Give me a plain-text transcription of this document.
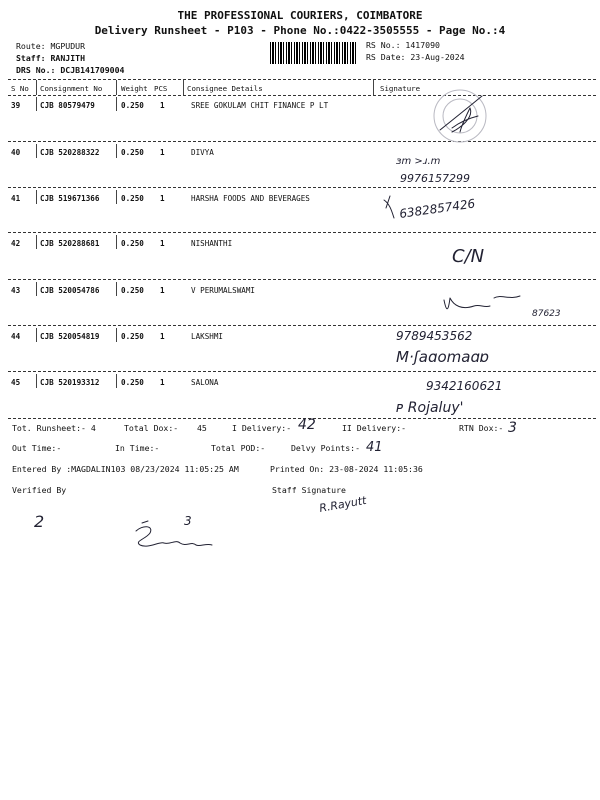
THE PROFESSIONAL COURIERS, COIMBATORE
Delivery Runsheet - P103 - Phone No.:0422-3505555 - Page No.:4
Route: MGPUDUR
Staff: RANJITH
DRS No.: DCJB141709004
RS No.: 1417090
RS Date: 23-Aug-2024
S No Consignment No	Weight PCS	Consignee Details	Signature
39	CJB 80579479	0.250 1	SREE GOKULAM CHIT FINANCE P LT
40	CJB 520288322	0.250 1	DIVYA
41	CJB 519671366	0.250 1	HARSHA FOODS AND BEVERAGES
42	CJB 520288681	0.250 1	NISHANTHI
43	CJB 520054786	0.250 1	V PERUMALSWAMI
44	CJB 520054819	0.250 1	LAKSHMI
45	CJB 520193312	0.250 1	SALONA
ɜm >ɹ.m
9976157299
6382857426
C/N
87623
9789453562
M·ʃaɑomaɑɒ
9342160621
ᴘ Rojaluy'
Tot. Runsheet:- 4	Total Dox:- 45	I Delivery:- 42	II Delivery:-	RTN Dox:- 3
Out Time:-	In Time:-	Total POD:-	Delvy Points:- 41
Entered By :MAGDALIN103 08/23/2024 11:05:25 AM	Printed On: 23-08-2024 11:05:36
Verified By	Staff Signature
R.Rayutt
2	3
